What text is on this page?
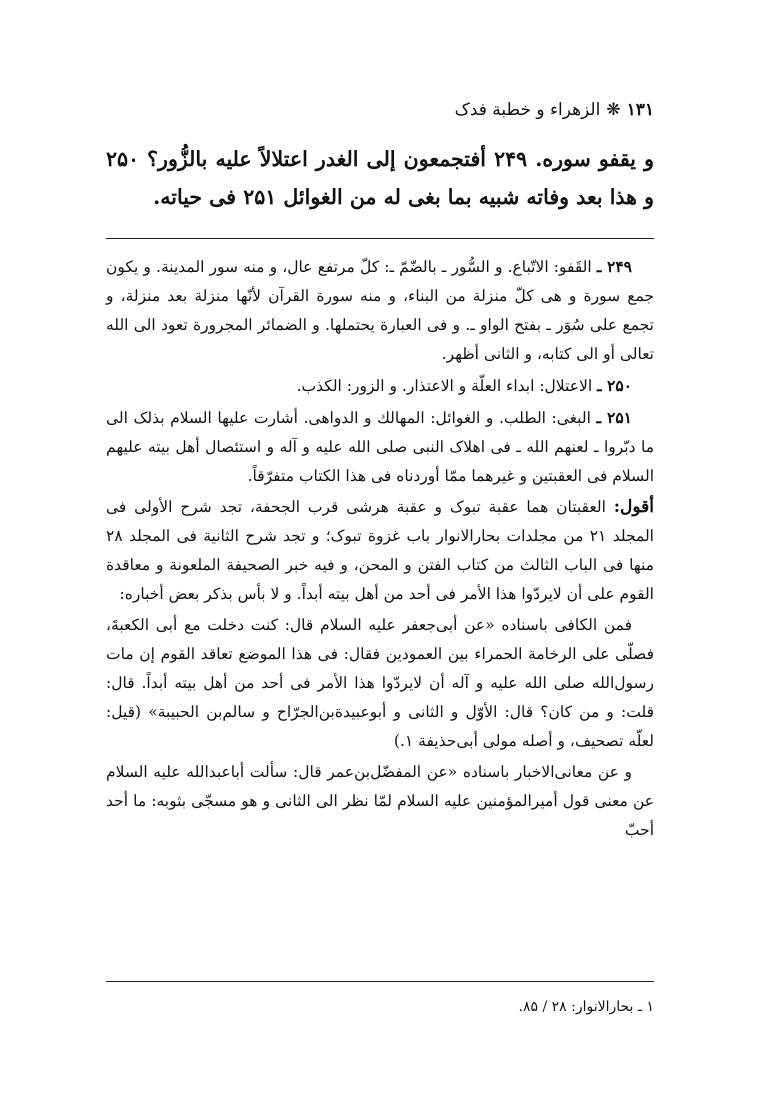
۱۳۱❋الزهراء و خطبة فدک
و يقفو سوره. ۲۴۹ أفتجمعون إلى الغدر اعتلالاً عليه بالزُّور؟ ۲۵۰ و هذا بعد وفاته شبيه بما بغى له من الغوائل ۲۵۱ فى حياته.

۲۴۹ ـ القَفو: الاتّباع. و السُّور ـ بالضّمّ ـ: كلّ مرتفع عال، و منه سور المدينة. و يكون جمع سورة و هى كلّ منزلة من البناء، و منه سورة القرآن لأنّها منزلة بعد منزلة، و تجمع على سُوَر ـ بفتح الواو ـ. و فى العبارة يحتملها. و الضمائر المجرورة تعود الى الله تعالى أو الى كتابه، و الثانى أظهر.

۲۵۰ ـ الاعتلال: ابداء العلّة و الاعتذار. و الزور: الكذب.

۲۵۱ ـ البغى: الطلب. و الغوائل: المهالك و الدواهى. أشارت عليها السلام بذلک الى ما دبّروا ـ لعنهم الله ـ فى اهلاک النبى صلى الله عليه و آله و استئصال أهل بيته عليهم السلام فى العقبتين و غيرهما ممّا أوردناه فى هذا الكتاب متفرّقاً.

أقول: العقبتان هما عقبة تبوک و عقبة هرشى قرب الجحفة، تجد شرح الأولى فى المجلد ۲۱ من مجلدات بحارالانوار باب غزوة تبوک؛ و تجد شرح الثانية فى المجلد ۲۸ منها فى الباب الثالث من كتاب الفتن و المحن، و فيه خبر الصحيفة الملعونة و معاقدة القوم على أن لايردّوا هذا الأمر فى أحد من أهل بيته أبداً. و لا بأس بذكر بعض أخباره:

فمن الكافى باسناده «عن أبى‌جعفر عليه السلام قال: كنت دخلت مع أبى الكعبةَ، فصلّى على الرخامة الحمراء بين العمودين فقال: فى هذا الموضع تعاقد القوم إن مات رسول‌الله صلى الله عليه و آله أن لايردّوا هذا الأمر فى أحد من أهل بيته أبداً. قال: قلت: و من كان؟ قال: الأوّل و الثانى و أبوعبيدة‌بن‌الجرّاح و سالم‌بن الحبيبة» (قيل: لعلّه تصحيف، و أصله مولى أبى‌حذيفة ۱.)

و عن معانى‌الاخبار باسناده «عن المفضّل‌بن‌عمر قال: سألت أباعبدالله عليه السلام عن معنى قول أميرالمؤمنين عليه السلام لمّا نظر الى الثانى و هو مسجّى بثوبه: ما أحد أحبّ

۱ ـ بحارالانوار: ۲۸ / ۸۵.
